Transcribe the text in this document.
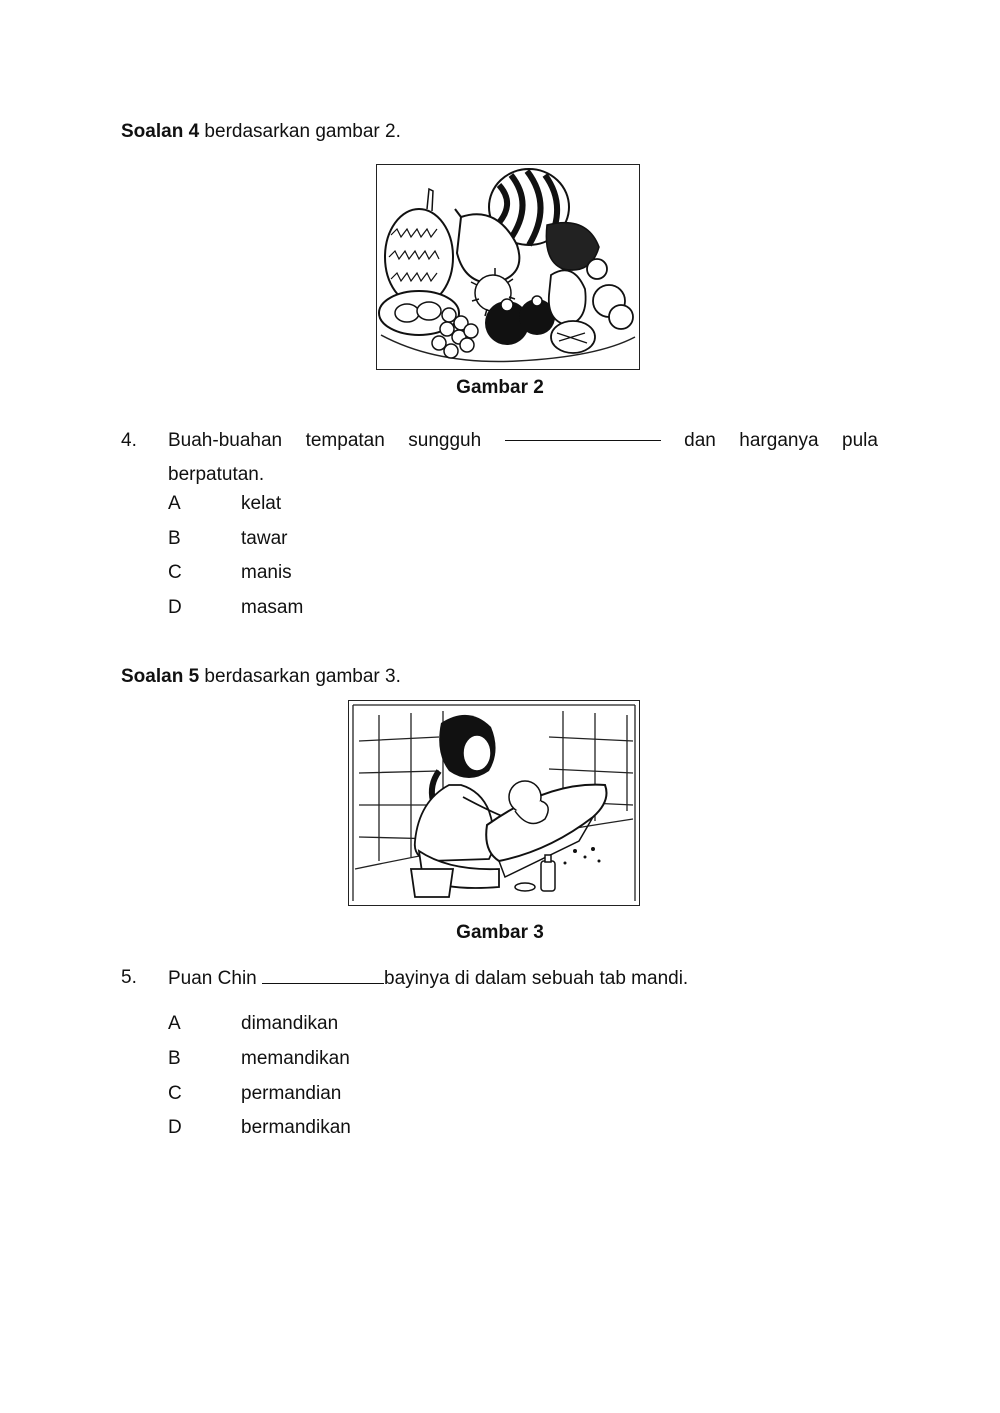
Soalan 4 berdasarkan gambar 2.
Gambar 2
4. Buah-buahan tempatan sungguh	dan harganya pula
berpatutan.
A	kelat
B	tawar
C	manis
D	masam
Soalan 5 berdasarkan gambar 3.
Gambar 3
5. Puan Chin	bayinya di dalam sebuah tab mandi.
A	dimandikan
B	memandikan
C	permandian
D	bermandikan
